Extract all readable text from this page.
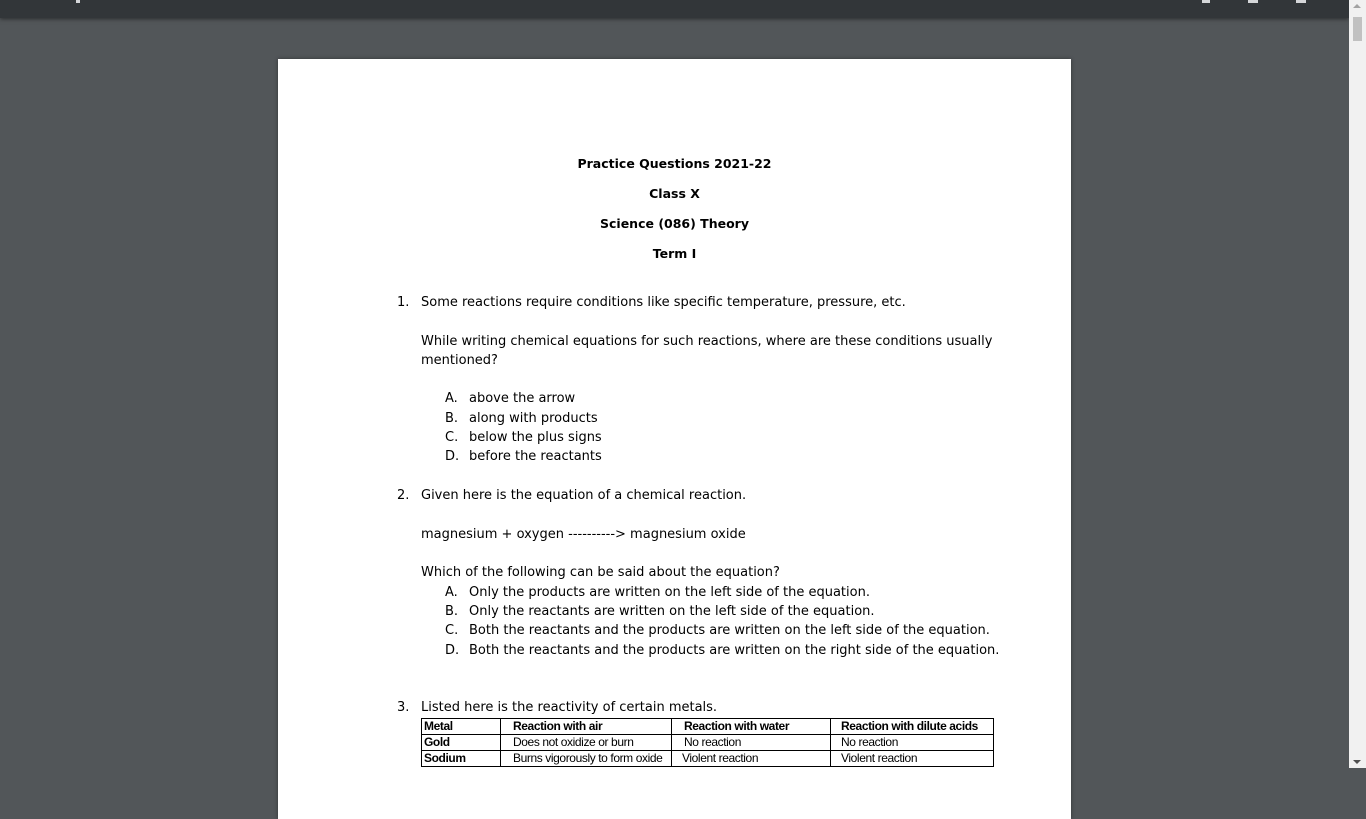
Practice Questions 2021-22
Class X
Science (086) Theory
Term I
1. Some reactions require conditions like specific temperature, pressure, etc.
While writing chemical equations for such reactions, where are these conditions usually
mentioned?
A. above the arrow
B. along with products
C. below the plus signs
D. before the reactants
2. Given here is the equation of a chemical reaction.
magnesium + oxygen ----------> magnesium oxide
Which of the following can be said about the equation?
A. Only the products are written on the left side of the equation.
B. Only the reactants are written on the left side of the equation.
C. Both the reactants and the products are written on the left side of the equation.
D. Both the reactants and the products are written on the right side of the equation.
3. Listed here is the reactivity of certain metals.
Metal	Reaction with air	Reaction with water	Reaction with dilute acids
Gold	Does not oxidize or burn	No reaction	No reaction
Sodium	Burns vigorously to form oxide	Violent reaction	Violent reaction
